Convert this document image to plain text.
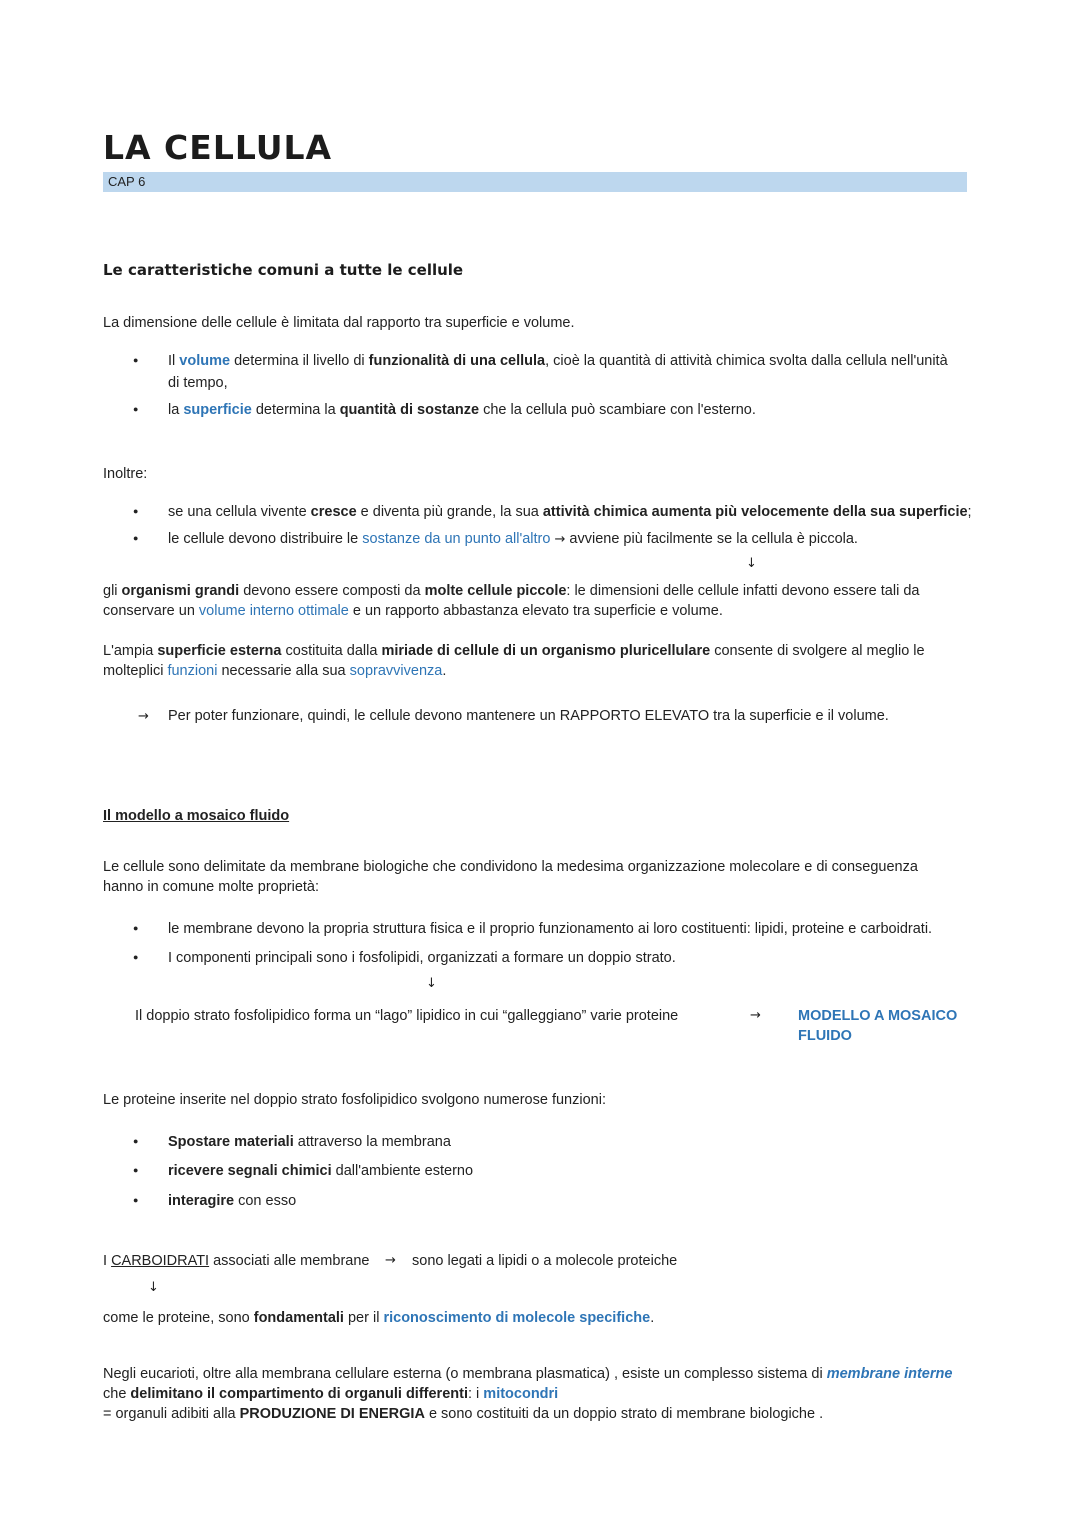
LA CELLULA
CAP 6
Le caratteristiche comuni a tutte le cellule
La dimensione delle cellule è limitata dal rapporto tra superficie e volume.
Il volume determina il livello di funzionalità di una cellula, cioè la quantità di attività chimica svolta dalla cellula nell'unità
di tempo,
la superficie determina la quantità di sostanze che la cellula può scambiare con l'esterno.
Inoltre:
se una cellula vivente cresce e diventa più grande, la sua attività chimica aumenta più velocemente della sua superficie;
le cellule devono distribuire le sostanze da un punto all'altro → avviene più facilmente se la cellula è piccola.
↓
gli organismi grandi devono essere composti da molte cellule piccole: le dimensioni delle cellule infatti devono essere tali da
conservare un volume interno ottimale e un rapporto abbastanza elevato tra superficie e volume.
L'ampia superficie esterna costituita dalla miriade di cellule di un organismo pluricellulare consente di svolgere al meglio le
molteplici funzioni necessarie alla sua sopravvivenza.
→ Per poter funzionare, quindi, le cellule devono mantenere un RAPPORTO ELEVATO tra la superficie e il volume.
Il modello a mosaico fluido
Le cellule sono delimitate da membrane biologiche che condividono la medesima organizzazione molecolare e di conseguenza
hanno in comune molte proprietà:
le membrane devono la propria struttura fisica e il proprio funzionamento ai loro costituenti: lipidi, proteine e carboidrati.
I componenti principali sono i fosfolipidi, organizzati a formare un doppio strato.
↓
Il doppio strato fosfolipidico forma un “lago” lipidico in cui “galleggiano” varie proteine	→	MODELLO A MOSAICO
FLUIDO
Le proteine inserite nel doppio strato fosfolipidico svolgono numerose funzioni:
Spostare materiali attraverso la membrana
ricevere segnali chimici dall'ambiente esterno
interagire con esso
I CARBOIDRATI associati alle membrane → sono legati a lipidi o a molecole proteiche
↓
come le proteine, sono fondamentali per il riconoscimento di molecole specifiche.
Negli eucarioti, oltre alla membrana cellulare esterna (o membrana plasmatica) , esiste un complesso sistema di membrane interne
che delimitano il compartimento di organuli differenti: i mitocondri
= organuli adibiti alla PRODUZIONE DI ENERGIA e sono costituiti da un doppio strato di membrane biologiche .
